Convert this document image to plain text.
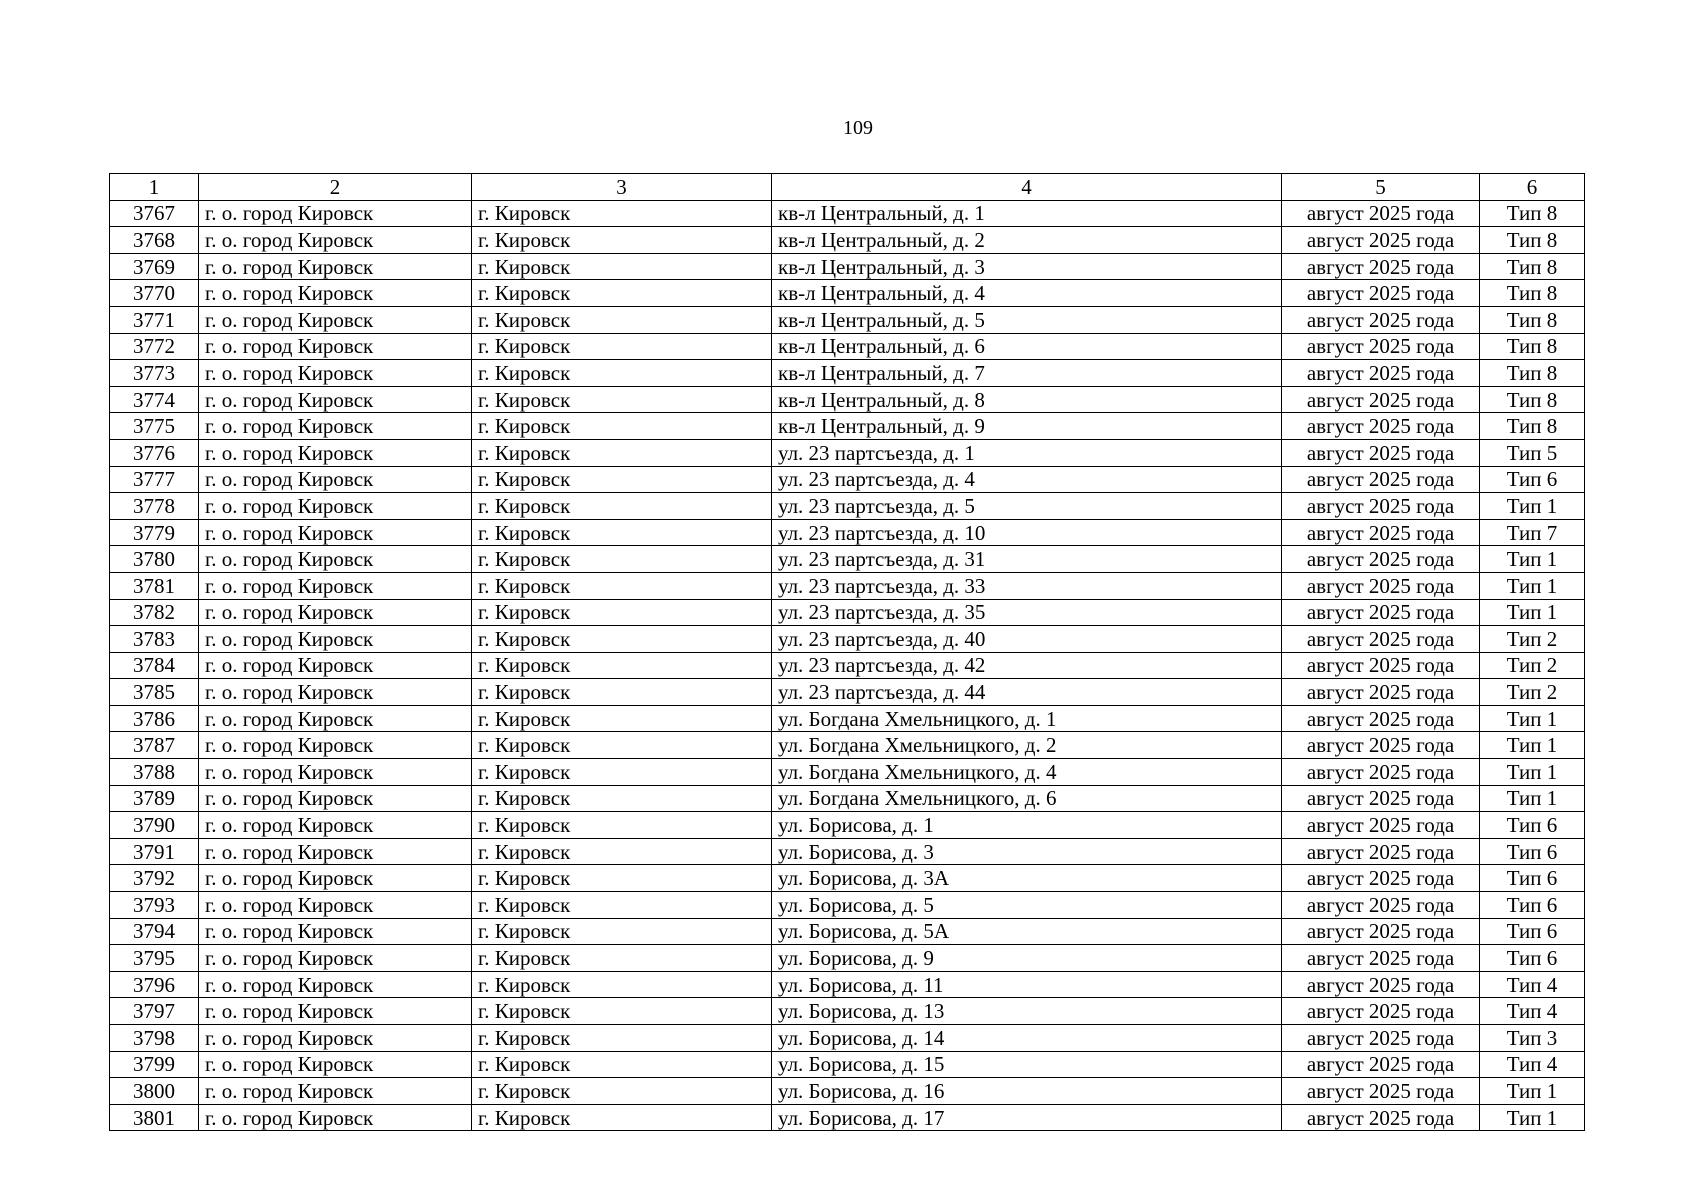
109
1	2	3	4	5	6
3767	г. о. город Кировск	г. Кировск	кв-л Центральный, д. 1	август 2025 года	Тип 8
3768	г. о. город Кировск	г. Кировск	кв-л Центральный, д. 2	август 2025 года	Тип 8
3769	г. о. город Кировск	г. Кировск	кв-л Центральный, д. 3	август 2025 года	Тип 8
3770	г. о. город Кировск	г. Кировск	кв-л Центральный, д. 4	август 2025 года	Тип 8
3771	г. о. город Кировск	г. Кировск	кв-л Центральный, д. 5	август 2025 года	Тип 8
3772	г. о. город Кировск	г. Кировск	кв-л Центральный, д. 6	август 2025 года	Тип 8
3773	г. о. город Кировск	г. Кировск	кв-л Центральный, д. 7	август 2025 года	Тип 8
3774	г. о. город Кировск	г. Кировск	кв-л Центральный, д. 8	август 2025 года	Тип 8
3775	г. о. город Кировск	г. Кировск	кв-л Центральный, д. 9	август 2025 года	Тип 8
3776	г. о. город Кировск	г. Кировск	ул. 23 партсъезда, д. 1	август 2025 года	Тип 5
3777	г. о. город Кировск	г. Кировск	ул. 23 партсъезда, д. 4	август 2025 года	Тип 6
3778	г. о. город Кировск	г. Кировск	ул. 23 партсъезда, д. 5	август 2025 года	Тип 1
3779	г. о. город Кировск	г. Кировск	ул. 23 партсъезда, д. 10	август 2025 года	Тип 7
3780	г. о. город Кировск	г. Кировск	ул. 23 партсъезда, д. 31	август 2025 года	Тип 1
3781	г. о. город Кировск	г. Кировск	ул. 23 партсъезда, д. 33	август 2025 года	Тип 1
3782	г. о. город Кировск	г. Кировск	ул. 23 партсъезда, д. 35	август 2025 года	Тип 1
3783	г. о. город Кировск	г. Кировск	ул. 23 партсъезда, д. 40	август 2025 года	Тип 2
3784	г. о. город Кировск	г. Кировск	ул. 23 партсъезда, д. 42	август 2025 года	Тип 2
3785	г. о. город Кировск	г. Кировск	ул. 23 партсъезда, д. 44	август 2025 года	Тип 2
3786	г. о. город Кировск	г. Кировск	ул. Богдана Хмельницкого, д. 1	август 2025 года	Тип 1
3787	г. о. город Кировск	г. Кировск	ул. Богдана Хмельницкого, д. 2	август 2025 года	Тип 1
3788	г. о. город Кировск	г. Кировск	ул. Богдана Хмельницкого, д. 4	август 2025 года	Тип 1
3789	г. о. город Кировск	г. Кировск	ул. Богдана Хмельницкого, д. 6	август 2025 года	Тип 1
3790	г. о. город Кировск	г. Кировск	ул. Борисова, д. 1	август 2025 года	Тип 6
3791	г. о. город Кировск	г. Кировск	ул. Борисова, д. 3	август 2025 года	Тип 6
3792	г. о. город Кировск	г. Кировск	ул. Борисова, д. 3А	август 2025 года	Тип 6
3793	г. о. город Кировск	г. Кировск	ул. Борисова, д. 5	август 2025 года	Тип 6
3794	г. о. город Кировск	г. Кировск	ул. Борисова, д. 5А	август 2025 года	Тип 6
3795	г. о. город Кировск	г. Кировск	ул. Борисова, д. 9	август 2025 года	Тип 6
3796	г. о. город Кировск	г. Кировск	ул. Борисова, д. 11	август 2025 года	Тип 4
3797	г. о. город Кировск	г. Кировск	ул. Борисова, д. 13	август 2025 года	Тип 4
3798	г. о. город Кировск	г. Кировск	ул. Борисова, д. 14	август 2025 года	Тип 3
3799	г. о. город Кировск	г. Кировск	ул. Борисова, д. 15	август 2025 года	Тип 4
3800	г. о. город Кировск	г. Кировск	ул. Борисова, д. 16	август 2025 года	Тип 1
3801	г. о. город Кировск	г. Кировск	ул. Борисова, д. 17	август 2025 года	Тип 1
